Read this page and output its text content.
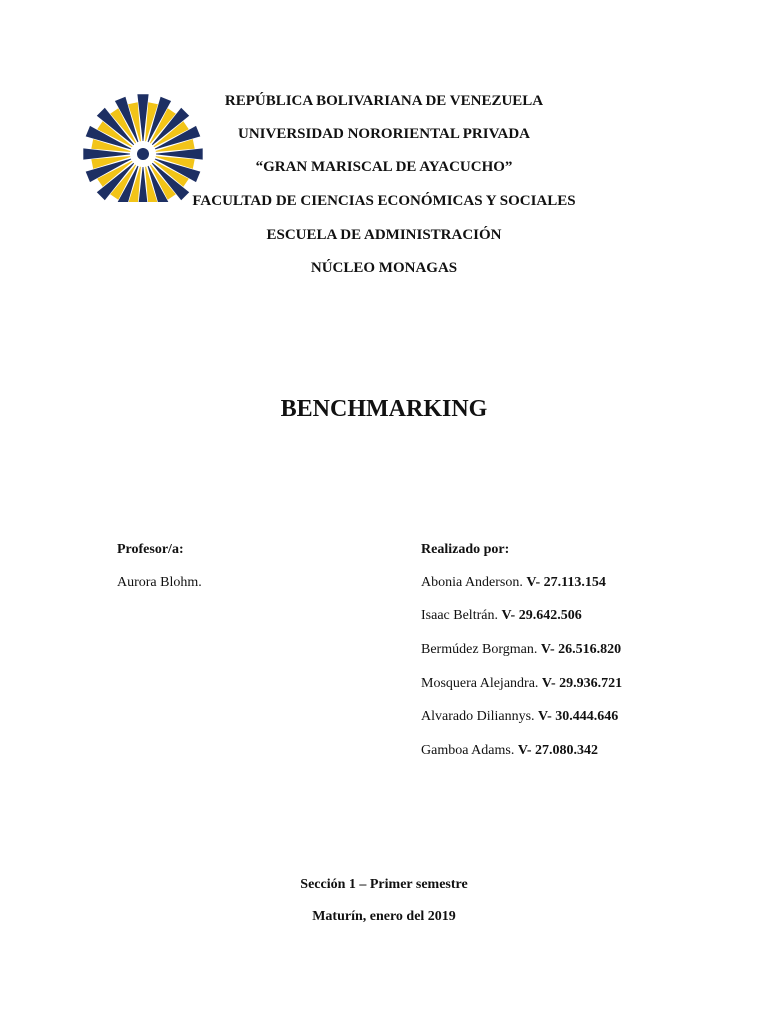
REPÚBLICA BOLIVARIANA DE VENEZUELA
UNIVERSIDAD NORORIENTAL PRIVADA
“GRAN MARISCAL DE AYACUCHO”
FACULTAD DE CIENCIAS ECONÓMICAS Y SOCIALES
ESCUELA DE ADMINISTRACIÓN
NÚCLEO MONAGAS
BENCHMARKING
Profesor/a:
Aurora Blohm.
Realizado por:
Abonia Anderson. V- 27.113.154
Isaac Beltrán. V- 29.642.506
Bermúdez Borgman. V- 26.516.820
Mosquera Alejandra. V- 29.936.721
Alvarado Diliannys. V- 30.444.646
Gamboa Adams. V- 27.080.342
Sección 1 – Primer semestre
Maturín, enero del 2019
